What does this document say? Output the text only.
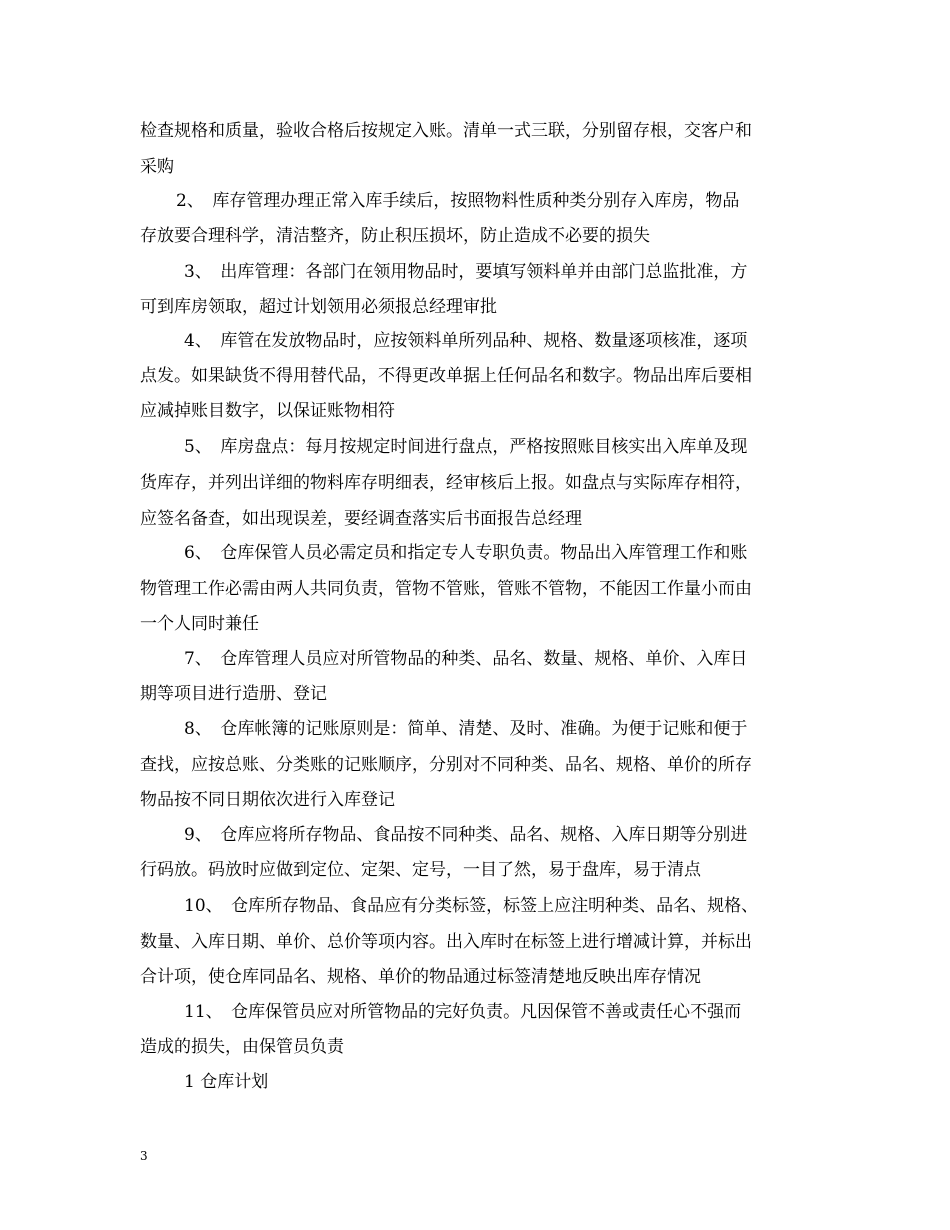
检查规格和质量，验收合格后按规定入账。清单一式三联，分别留存根，交客户和
采购
2、　库存管理办理正常入库手续后，按照物料性质种类分别存入库房，物品
存放要合理科学，清洁整齐，防止积压损坏，防止造成不必要的损失
3、　出库管理：各部门在领用物品时，要填写领料单并由部门总监批准，方
可到库房领取，超过计划领用必须报总经理审批
4、　库管在发放物品时，应按领料单所列品种、规格、数量逐项核准，逐项
点发。如果缺货不得用替代品，不得更改单据上任何品名和数字。物品出库后要相
应减掉账目数字，以保证账物相符
5、　库房盘点：每月按规定时间进行盘点，严格按照账目核实出入库单及现
货库存，并列出详细的物料库存明细表，经审核后上报。如盘点与实际库存相符，
应签名备查，如出现误差，要经调查落实后书面报告总经理
6、　仓库保管人员必需定员和指定专人专职负责。物品出入库管理工作和账
物管理工作必需由两人共同负责，管物不管账，管账不管物，不能因工作量小而由
一个人同时兼任
7、　仓库管理人员应对所管物品的种类、品名、数量、规格、单价、入库日
期等项目进行造册、登记
8、　仓库帐簿的记账原则是：简单、清楚、及时、准确。为便于记账和便于
查找，应按总账、分类账的记账顺序，分别对不同种类、品名、规格、单价的所存
物品按不同日期依次进行入库登记
9、　仓库应将所存物品、食品按不同种类、品名、规格、入库日期等分别进
行码放。码放时应做到定位、定架、定号，一目了然，易于盘库，易于清点
10、　仓库所存物品、食品应有分类标签，标签上应注明种类、品名、规格、
数量、入库日期、单价、总价等项内容。出入库时在标签上进行增减计算，并标出
合计项，使仓库同品名、规格、单价的物品通过标签清楚地反映出库存情况
11、　仓库保管员应对所管物品的完好负责。凡因保管不善或责任心不强而
造成的损失，由保管员负责
1 仓库计划
3
